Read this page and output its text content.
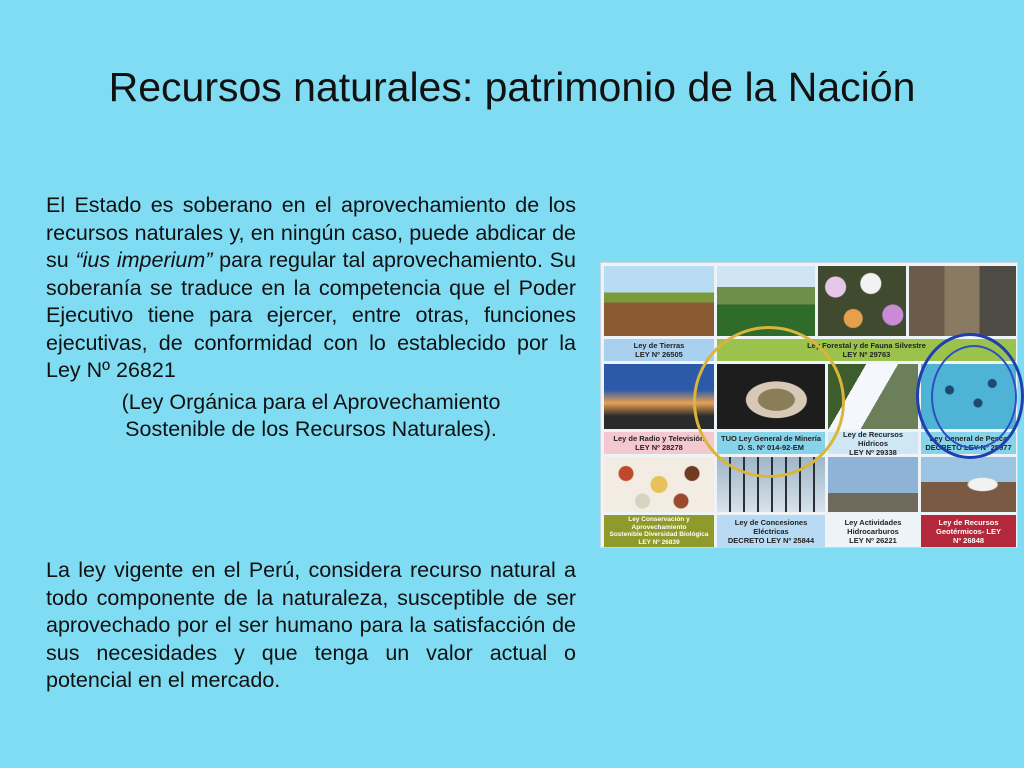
Recursos naturales: patrimonio de la Nación
El Estado es soberano en el aprovechamiento de los recursos naturales y, en ningún caso, puede abdicar de su “ius imperium” para regular tal aprovechamiento. Su soberanía se traduce en la competencia que el Poder Ejecutivo tiene para ejercer, entre otras, funciones ejecutivas, de conformidad con lo establecido por la Ley Nº 26821
(Ley Orgánica para el Aprovechamiento
Sostenible de los Recursos Naturales).
La ley vigente en el Perú, considera recurso natural a todo componente de la naturaleza, susceptible de ser aprovechado por el ser humano para la satisfacción de sus necesidades y que tenga un valor actual o potencial en el mercado.
Ley de Tierras
LEY Nº 26505
Ley Forestal y de Fauna Silvestre
LEY Nº 29763
Ley de Radio y Televisión
LEY Nº 28278
TUO Ley General de Minería
D. S. Nº 014-92-EM
Ley de Recursos Hídricos
LEY Nº 29338
Ley General de Pesca
DECRETO LEY Nº 25977
Ley Conservación y
Aprovechamiento
Sostenible Diversidad Biológica
LEY Nº 26839
Ley de Concesiones
Eléctricas
DECRETO LEY Nº 25844
Ley Actividades
Hidrocarburos
LEY Nº 26221
Ley de Recursos
Geotérmicos- LEY
Nº 26848
